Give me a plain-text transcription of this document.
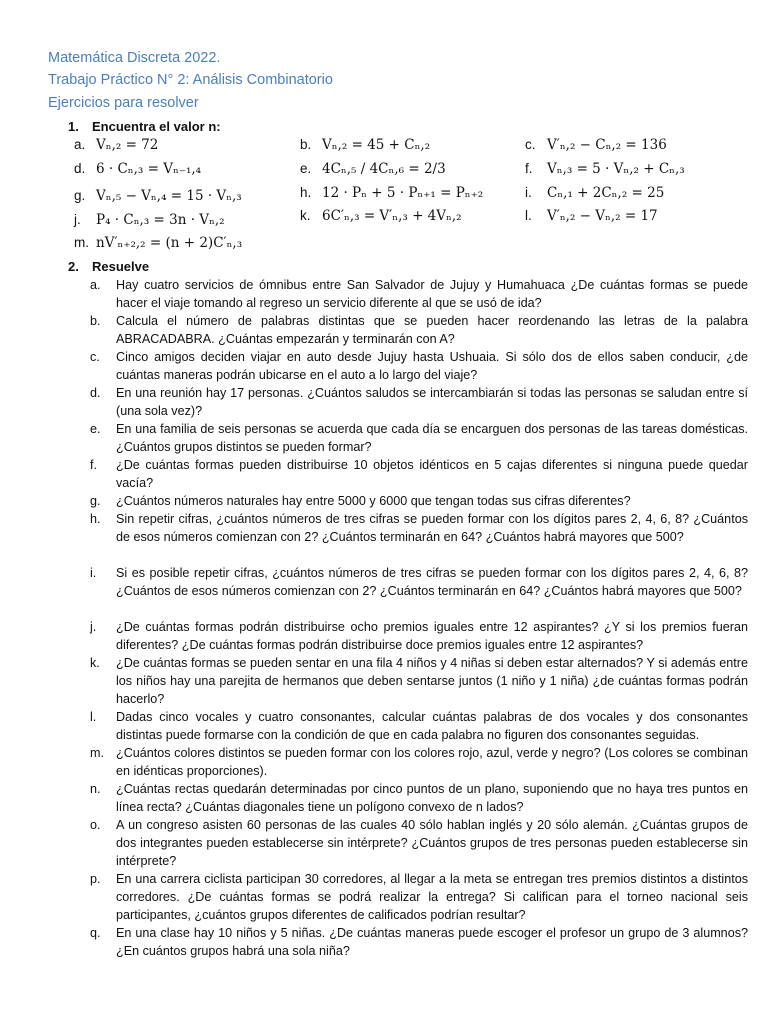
Matemática Discreta 2022.
Trabajo Práctico N° 2: Análisis Combinatorio
Ejercicios para resolver
1. Encuentra el valor n:
a. Vₙ,₂ = 72	b. Vₙ,₂ = 45 + Cₙ,₂	c. V′ₙ,₂ − Cₙ,₂ = 136
d. 6 · Cₙ,₃ = Vₙ₋₁,₄	e. 4Cₙ,₅ / 4Cₙ,₆ = 2/3	f. Vₙ,₃ = 5 · Vₙ,₂ + Cₙ,₃
g. Vₙ,₅ − Vₙ,₄ = 15 · Vₙ,₃	h. 12 · Pₙ + 5 · Pₙ₊₁ = Pₙ₊₂	i. Cₙ,₁ + 2Cₙ,₂ = 25
j. P₄ · Cₙ,₃ = 3n · Vₙ,₂	k. 6C′ₙ,₃ = V′ₙ,₃ + 4Vₙ,₂	l. V′ₙ,₂ − Vₙ,₂ = 17
m. nV′ₙ₊₂,₂ = (n + 2)C′ₙ,₃
2. Resuelve
a.	Hay cuatro servicios de ómnibus entre San Salvador de Jujuy y Humahuaca ¿De cuántas formas se puede hacer el viaje tomando al regreso un servicio diferente al que se usó de ida?
b.	Calcula el número de palabras distintas que se pueden hacer reordenando las letras de la palabra ABRACADABRA. ¿Cuántas empezarán y terminarán con A?
c.	Cinco amigos deciden viajar en auto desde Jujuy hasta Ushuaia. Si sólo dos de ellos saben conducir, ¿de cuántas maneras podrán ubicarse en el auto a lo largo del viaje?
d.	En una reunión hay 17 personas. ¿Cuántos saludos se intercambiarán si todas las personas se saludan entre sí (una sola vez)?
e.	En una familia de seis personas se acuerda que cada día se encarguen dos personas de las tareas domésticas. ¿Cuántos grupos distintos se pueden formar?
f.	¿De cuántas formas pueden distribuirse 10 objetos idénticos en 5 cajas diferentes si ninguna puede quedar vacía?
g.	¿Cuántos números naturales hay entre 5000 y 6000 que tengan todas sus cifras diferentes?
h.	Sin repetir cifras, ¿cuántos números de tres cifras se pueden formar con los dígitos pares 2, 4, 6, 8? ¿Cuántos de esos números comienzan con 2? ¿Cuántos terminarán en 64? ¿Cuántos habrá mayores que 500?
i.	Si es posible repetir cifras, ¿cuántos números de tres cifras se pueden formar con los dígitos pares 2, 4, 6, 8? ¿Cuántos de esos números comienzan con 2? ¿Cuántos terminarán en 64? ¿Cuántos habrá mayores que 500?
j.	¿De cuántas formas podrán distribuirse ocho premios iguales entre 12 aspirantes? ¿Y si los premios fueran diferentes? ¿De cuántas formas podrán distribuirse doce premios iguales entre 12 aspirantes?
k.	¿De cuántas formas se pueden sentar en una fila 4 niños y 4 niñas si deben estar alternados? Y si además entre los niños hay una parejita de hermanos que deben sentarse juntos (1 niño y 1 niña) ¿de cuántas formas podrán hacerlo?
l.	Dadas cinco vocales y cuatro consonantes, calcular cuántas palabras de dos vocales y dos consonantes distintas puede formarse con la condición de que en cada palabra no figuren dos consonantes seguidas.
m. ¿Cuántos colores distintos se pueden formar con los colores rojo, azul, verde y negro? (Los colores se combinan en idénticas proporciones).
n.	¿Cuántas rectas quedarán determinadas por cinco puntos de un plano, suponiendo que no haya tres puntos en línea recta? ¿Cuántas diagonales tiene un polígono convexo de n lados?
o.	A un congreso asisten 60 personas de las cuales 40 sólo hablan inglés y 20 sólo alemán. ¿Cuántas grupos de dos integrantes pueden establecerse sin intérprete? ¿Cuántos grupos de tres personas pueden establecerse sin intérprete?
p.	En una carrera ciclista participan 30 corredores, al llegar a la meta se entregan tres premios distintos a distintos corredores. ¿De cuántas formas se podrá realizar la entrega? Si califican para el torneo nacional seis participantes, ¿cuántos grupos diferentes de calificados podrían resultar?
q.	En una clase hay 10 niños y 5 niñas. ¿De cuántas maneras puede escoger el profesor un grupo de 3 alumnos? ¿En cuántos grupos habrá una sola niña?
